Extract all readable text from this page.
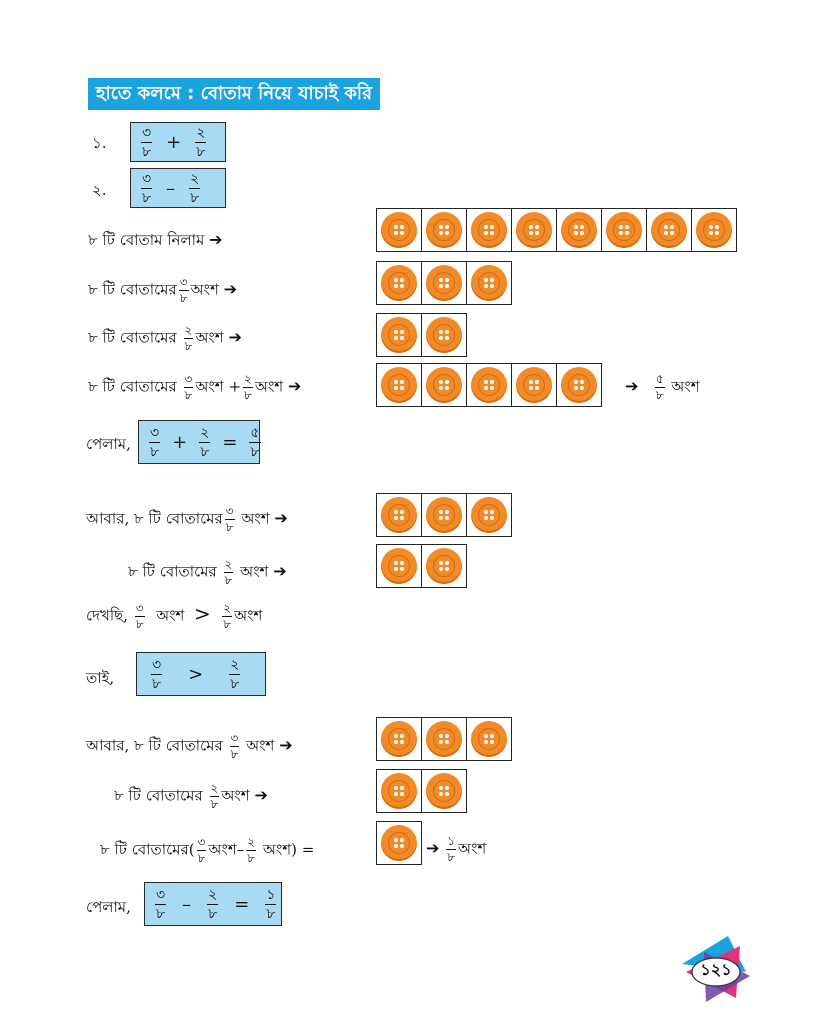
হাতে কলমে : বোতাম নিয়ে যাচাই করি
১. $\frac{৩}{৮} + \frac{২}{৮}$
২. $\frac{৩}{৮} - \frac{২}{৮}$
৮ টি বোতাম নিলাম ➔
৮ টি বোতামের $\frac{৩}{৮}$ অংশ ➔
৮ টি বোতামের $\frac{২}{৮}$ অংশ ➔
৮ টি বোতামের $\frac{৩}{৮}$ অংশ + $\frac{২}{৮}$ অংশ ➔	➔ $\frac{৫}{৮}$ অংশ
পেলাম, $\frac{৩}{৮} + \frac{২}{৮} = \frac{৫}{৮}$
আবার, ৮ টি বোতামের $\frac{৩}{৮}$ অংশ ➔
৮ টি বোতামের $\frac{২}{৮}$ অংশ ➔
দেখছি, $\frac{৩}{৮}$ অংশ > $\frac{২}{৮}$ অংশ
তাই,	$\frac{৩}{৮} > \frac{২}{৮}$
আবার, ৮ টি বোতামের $\frac{৩}{৮}$ অংশ ➔
৮ টি বোতামের $\frac{২}{৮}$ অংশ ➔
৮ টি বোতামের( $\frac{৩}{৮}$ অংশ– $\frac{২}{৮}$ অংশ) =	➔ $\frac{১}{৮}$ অংশ
পেলাম, $\frac{৩}{৮} - \frac{২}{৮} = \frac{১}{৮}$
১২১
